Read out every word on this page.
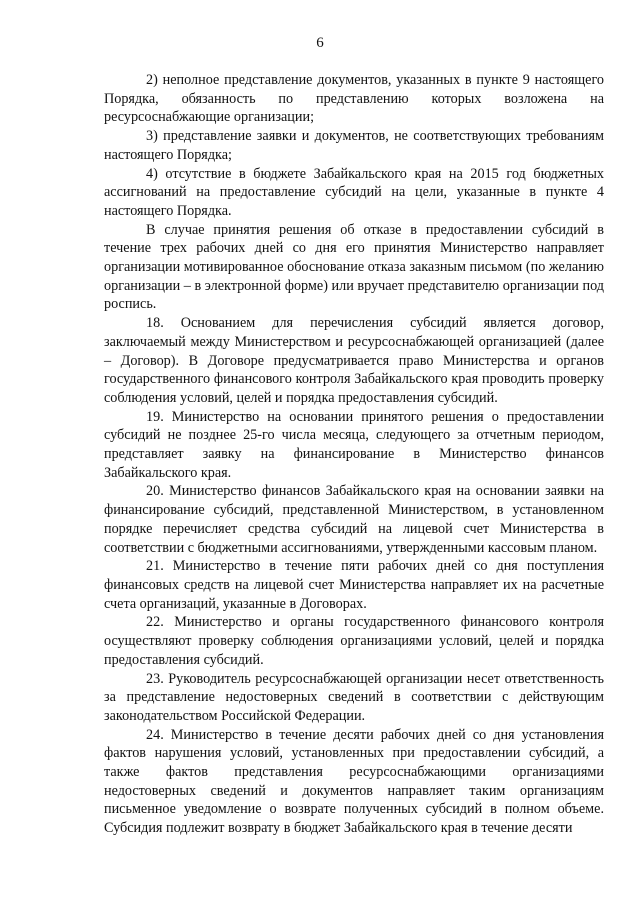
6

2) неполное представление документов, указанных в пункте 9 настоящего Порядка, обязанность по представлению которых возложена на ресурсоснабжающие организации;

3) представление заявки и документов, не соответствующих требованиям настоящего Порядка;

4) отсутствие в бюджете Забайкальского края на 2015 год бюджетных ассигнований на предоставление субсидий на цели, указанные в пункте 4 настоящего Порядка.

В случае принятия решения об отказе в предоставлении субсидий в течение трех рабочих дней со дня его принятия Министерство направляет организации мотивированное обоснование отказа заказным письмом (по желанию организации – в электронной форме) или вручает представителю организации под роспись.

18. Основанием для перечисления субсидий является договор, заключаемый между Министерством и ресурсоснабжающей организацией (далее – Договор). В Договоре предусматривается право Министерства и органов государственного финансового контроля Забайкальского края проводить проверку соблюдения условий, целей и порядка предоставления субсидий.

19. Министерство на основании принятого решения о предоставлении субсидий не позднее 25-го числа месяца, следующего за отчетным периодом, представляет заявку на финансирование в Министерство финансов Забайкальского края.

20. Министерство финансов Забайкальского края на основании заявки на финансирование субсидий, представленной Министерством, в установленном порядке перечисляет средства субсидий на лицевой счет Министерства в соответствии с бюджетными ассигнованиями, утвержденными кассовым планом.

21. Министерство в течение пяти рабочих дней со дня поступления финансовых средств на лицевой счет Министерства направляет их на расчетные счета организаций, указанные в Договорах.

22. Министерство и органы государственного финансового контроля осуществляют проверку соблюдения организациями условий, целей и порядка предоставления субсидий.

23. Руководитель ресурсоснабжающей организации несет ответственность за представление недостоверных сведений в соответствии с действующим законодательством Российской Федерации.

24. Министерство в течение десяти рабочих дней со дня установления фактов нарушения условий, установленных при предоставлении субсидий, а также фактов представления ресурсоснабжающими организациями недостоверных сведений и документов направляет таким организациям письменное уведомление о возврате полученных субсидий в полном объеме. Субсидия подлежит возврату в бюджет Забайкальского края в течение десяти
